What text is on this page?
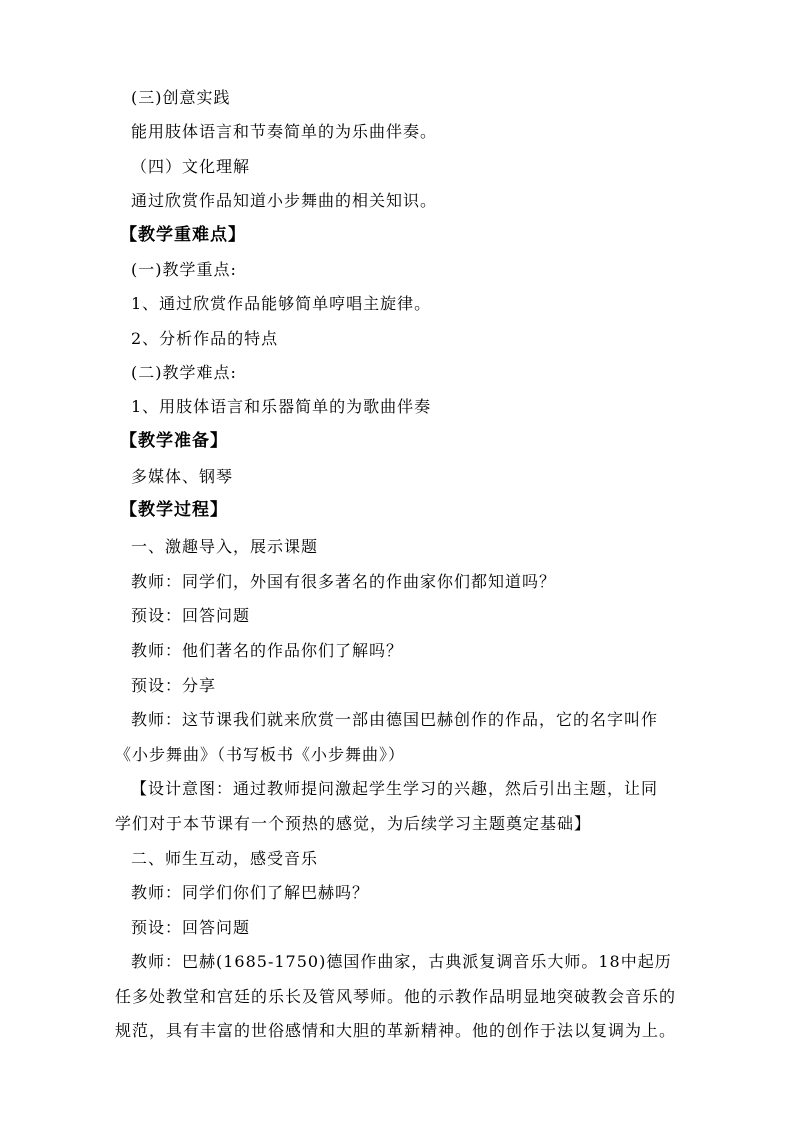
(三)创意实践
能用肢体语言和节奏简单的为乐曲伴奏。
（四）文化理解
通过欣赏作品知道小步舞曲的相关知识。
【教学重难点】
(一)教学重点:
1、通过欣赏作品能够简单哼唱主旋律。
2、分析作品的特点
(二)教学难点:
1、用肢体语言和乐器简单的为歌曲伴奏
【教学准备】
多媒体、钢琴
【教学过程】
一、激趣导入，展示课题
教师：同学们，外国有很多著名的作曲家你们都知道吗？
预设：回答问题
教师：他们著名的作品你们了解吗？
预设：分享
教师：这节课我们就来欣赏一部由德国巴赫创作的作品，它的名字叫作
《小步舞曲》（书写板书《小步舞曲》）
【设计意图：通过教师提问激起学生学习的兴趣，然后引出主题，让同
学们对于本节课有一个预热的感觉，为后续学习主题奠定基础】
二、师生互动，感受音乐
教师：同学们你们了解巴赫吗？
预设：回答问题
教师：巴赫(1685-1750)德国作曲家，古典派复调音乐大师。18中起历
任多处教堂和宫廷的乐长及管风琴师。他的示教作品明显地突破教会音乐的
规范，具有丰富的世俗感情和大胆的革新精神。他的创作于法以复调为上。
